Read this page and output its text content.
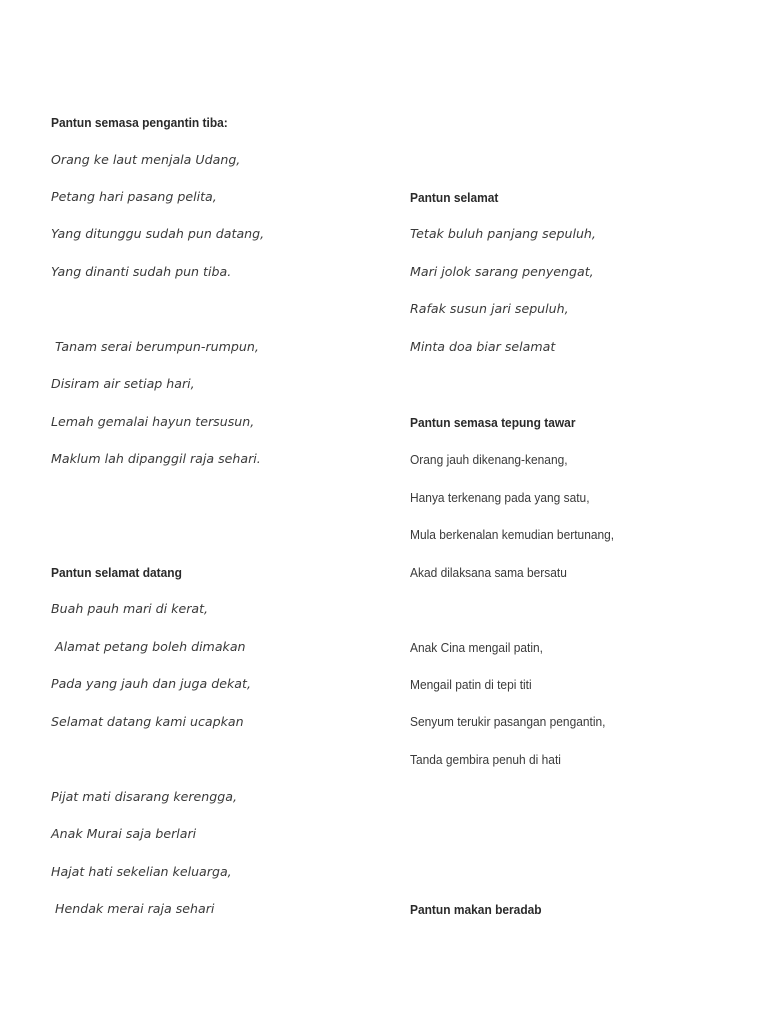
Pantun semasa pengantin tiba:
Orang ke laut menjala Udang,
Petang hari pasang pelita,
Yang ditunggu sudah pun datang,
Yang dinanti sudah pun tiba.
Tanam serai berumpun-rumpun,
Disiram air setiap hari,
Lemah gemalai hayun tersusun,
Maklum lah dipanggil raja sehari.
Pantun selamat datang
Buah pauh mari di kerat,
Alamat petang boleh dimakan
Pada yang jauh dan juga dekat,
Selamat datang kami ucapkan
Pijat mati disarang kerengga,
Anak Murai saja berlari
Hajat hati sekelian keluarga,
Hendak merai raja sehari
Pantun selamat
Tetak buluh panjang sepuluh,
Mari jolok sarang penyengat,
Rafak susun jari sepuluh,
Minta doa biar selamat
Pantun semasa tepung tawar
Orang jauh dikenang-kenang,
Hanya terkenang pada yang satu,
Mula berkenalan kemudian bertunang,
Akad dilaksana sama bersatu
Anak Cina mengail patin,
Mengail patin di tepi titi
Senyum terukir pasangan pengantin,
Tanda gembira penuh di hati
Pantun makan beradab
